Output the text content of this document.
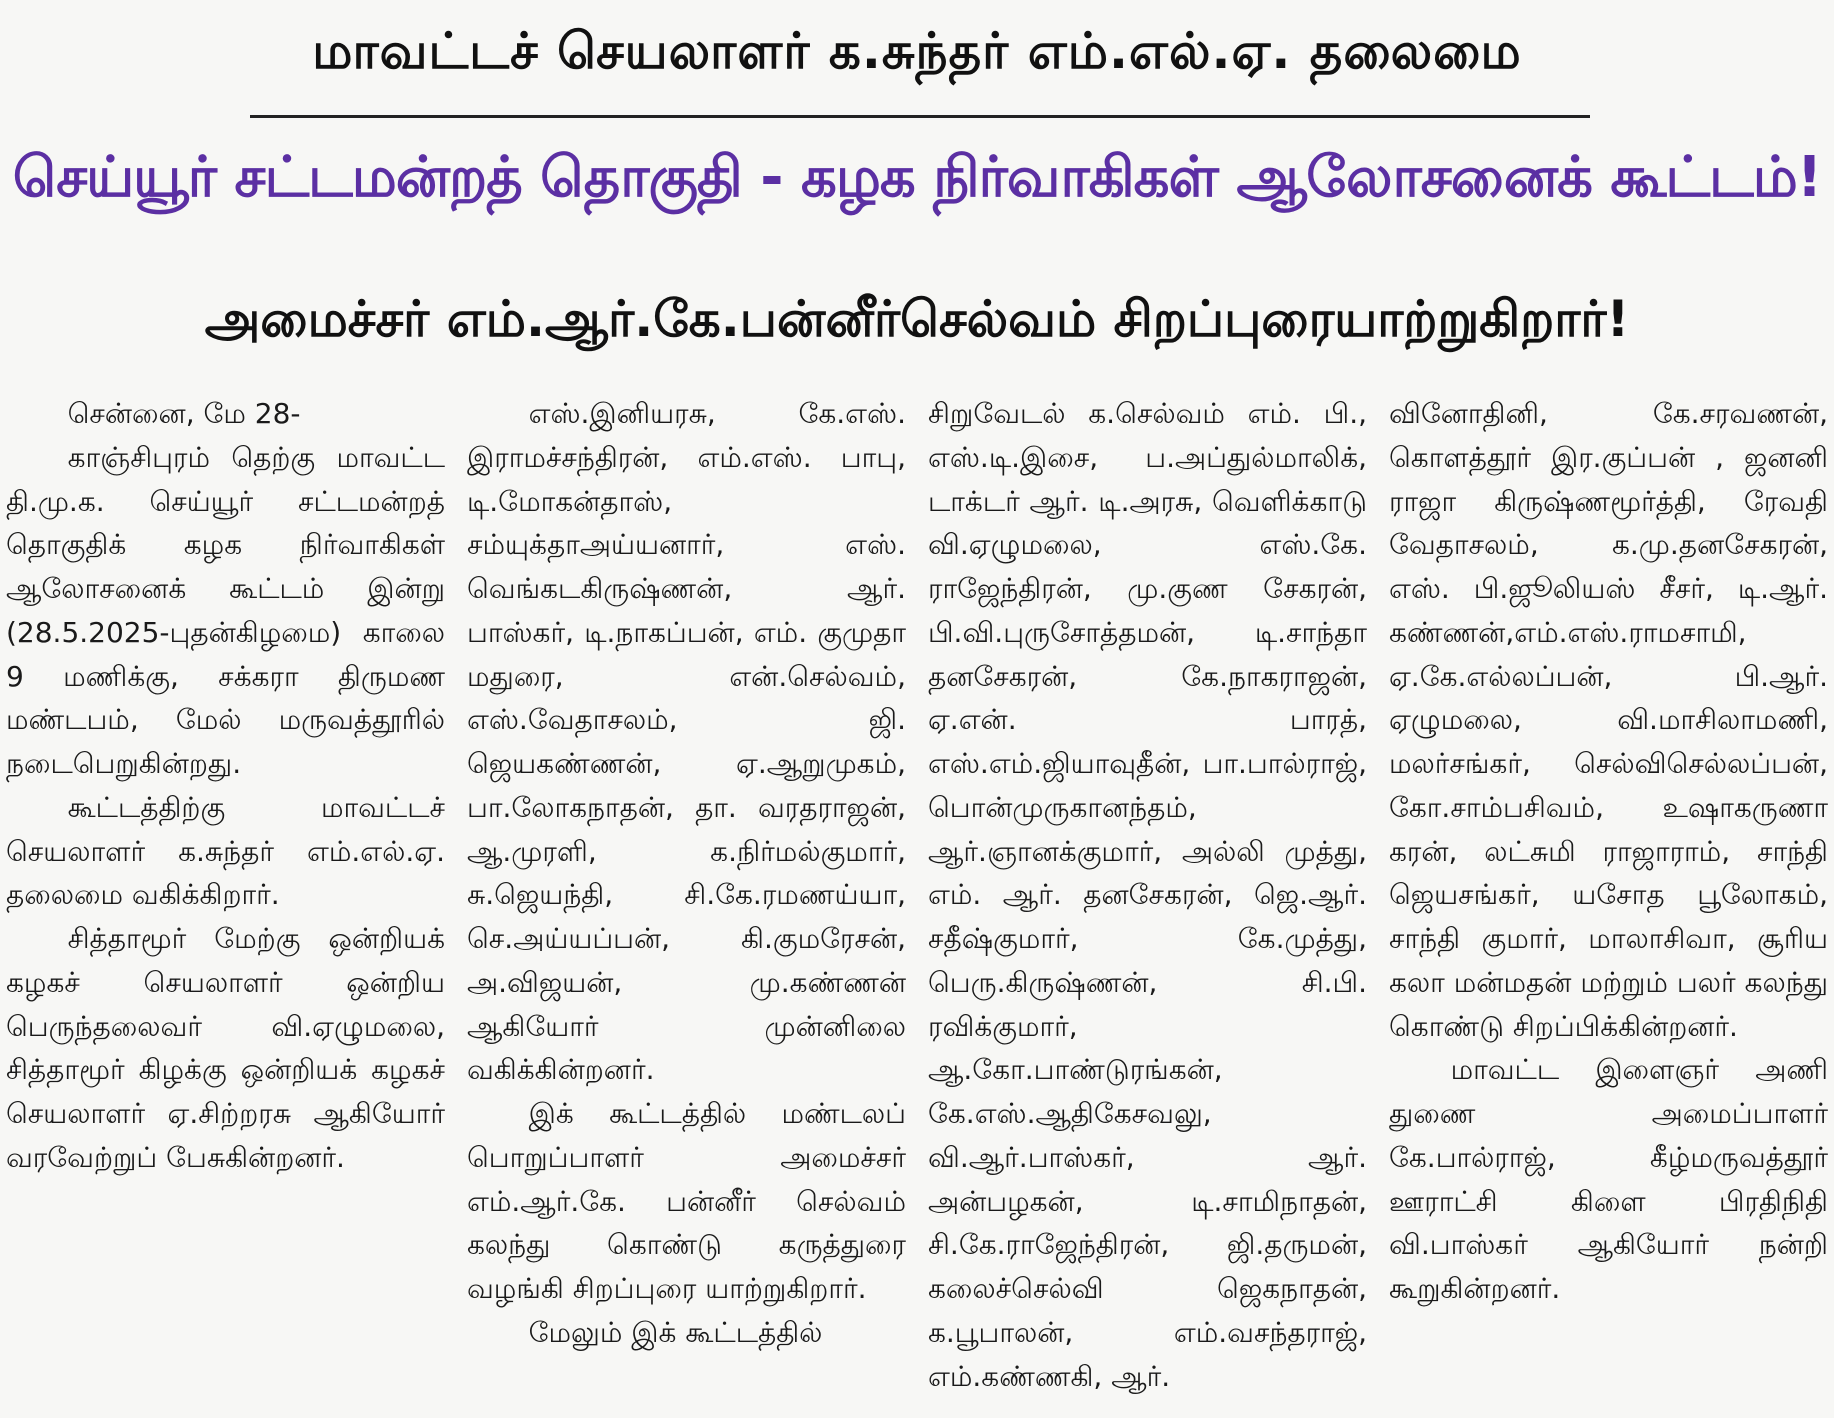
மாவட்டச் செயலாளர் க.சுந்தர் எம்.எல்.ஏ. தலைமை
செய்யூர் சட்டமன்றத் தொகுதி - கழக நிர்வாகிகள் ஆலோசனைக் கூட்டம்!
அமைச்சர் எம்.ஆர்.கே.பன்னீர்செல்வம் சிறப்புரையாற்றுகிறார்!

சென்னை, மே 28-

காஞ்சிபுரம் தெற்கு மாவட்ட தி.மு.க. செய்யூர் சட்டமன்றத் தொகுதிக் கழக நிர்வாகிகள் ஆலோசனைக் கூட்டம் இன்று (28.5.2025-புதன்கிழமை) காலை 9 மணிக்கு, சக்கரா திருமண மண்டபம், மேல் மருவத்தூரில் நடைபெறுகின்றது.

கூட்டத்திற்கு மாவட்டச் செயலாளர் க.சுந்தர் எம்.எல்.ஏ. தலைமை வகிக்கிறார்.

சித்தாமூர் மேற்கு ஒன்றியக் கழகச் செயலாளர் ஒன்றிய பெருந்தலைவர் வி.ஏழுமலை, சித்தாமூர் கிழக்கு ஒன்றியக் கழகச் செயலாளர் ஏ.சிற்றரசு ஆகியோர் வரவேற்றுப் பேசுகின்றனர்.

எஸ்.இனியரசு, கே.எஸ். இராமச்சந்திரன், எம்.எஸ். பாபு, டி.மோகன்தாஸ், சம்யுக்தாஅய்யனார், எஸ். வெங்கடகிருஷ்ணன், ஆர். பாஸ்கர், டி.நாகப்பன், எம். குமுதா மதுரை, என்.செல்வம், எஸ்.வேதாசலம், ஜி. ஜெயகண்ணன், ஏ.ஆறுமுகம், பா.லோகநாதன், தா. வரதராஜன், ஆ.முரளி, க.நிர்மல்குமார், சு.ஜெயந்தி, சி.கே.ரமணய்யா, செ.அய்யப்பன், கி.குமரேசன், அ.விஜயன், மு.கண்ணன் ஆகியோர் முன்னிலை வகிக்கின்றனர்.

இக் கூட்டத்தில் மண்டலப் பொறுப்பாளர் அமைச்சர் எம்.ஆர்.கே. பன்னீர் செல்வம் கலந்து கொண்டு கருத்துரை வழங்கி சிறப்புரை யாற்றுகிறார்.

மேலும் இக் கூட்டத்தில்

சிறுவேடல் க.செல்வம் எம். பி., எஸ்.டி.இசை, ப.அப்துல்மாலிக், டாக்டர் ஆர். டி.அரசு, வெளிக்காடு வி.ஏழுமலை, எஸ்.கே. ராஜேந்திரன், மு.குண சேகரன், பி.வி.புருசோத்தமன், டி.சாந்தா தனசேகரன், கே.நாகராஜன், ஏ.என். பாரத், எஸ்.எம்.ஜியாவுதீன், பா.பால்ராஜ், பொன்முருகானந்தம், ஆர்.ஞானக்குமார், அல்லி முத்து, எம். ஆர். தனசேகரன், ஜெ.ஆர். சதீஷ்குமார், கே.முத்து, பெரு.கிருஷ்ணன், சி.பி. ரவிக்குமார், ஆ.கோ.பாண்டுரங்கன், கே.எஸ்.ஆதிகேசவலு, வி.ஆர்.பாஸ்கர், ஆர். அன்பழகன், டி.சாமிநாதன், சி.கே.ராஜேந்திரன், ஜி.தருமன், கலைச்செல்வி ஜெகநாதன், க.பூபாலன், எம்.வசந்தராஜ், எம்.கண்ணகி, ஆர்.

வினோதினி, கே.சரவணன், கொளத்தூர் இர.குப்பன் , ஜனனி ராஜா கிருஷ்ணமூர்த்தி, ரேவதி வேதாசலம், க.மு.தனசேகரன், எஸ். பி.ஜூலியஸ் சீசர், டி.ஆர். கண்ணன்,எம்.எஸ்.ராமசாமி, ஏ.கே.எல்லப்பன், பி.ஆர். ஏழுமலை, வி.மாசிலாமணி, மலர்சங்கர், செல்விசெல்லப்பன், கோ.சாம்பசிவம், உஷாகருணா கரன், லட்சுமி ராஜாராம், சாந்தி ஜெயசங்கர், யசோத பூலோகம், சாந்தி குமார், மாலாசிவா, சூரிய கலா மன்மதன் மற்றும் பலர் கலந்து கொண்டு சிறப்பிக்கின்றனர்.

மாவட்ட இளைஞர் அணி துணை அமைப்பாளர் கே.பால்ராஜ், கீழ்மருவத்தூர் ஊராட்சி கிளை பிரதிநிதி வி.பாஸ்கர் ஆகியோர் நன்றி கூறுகின்றனர்.
